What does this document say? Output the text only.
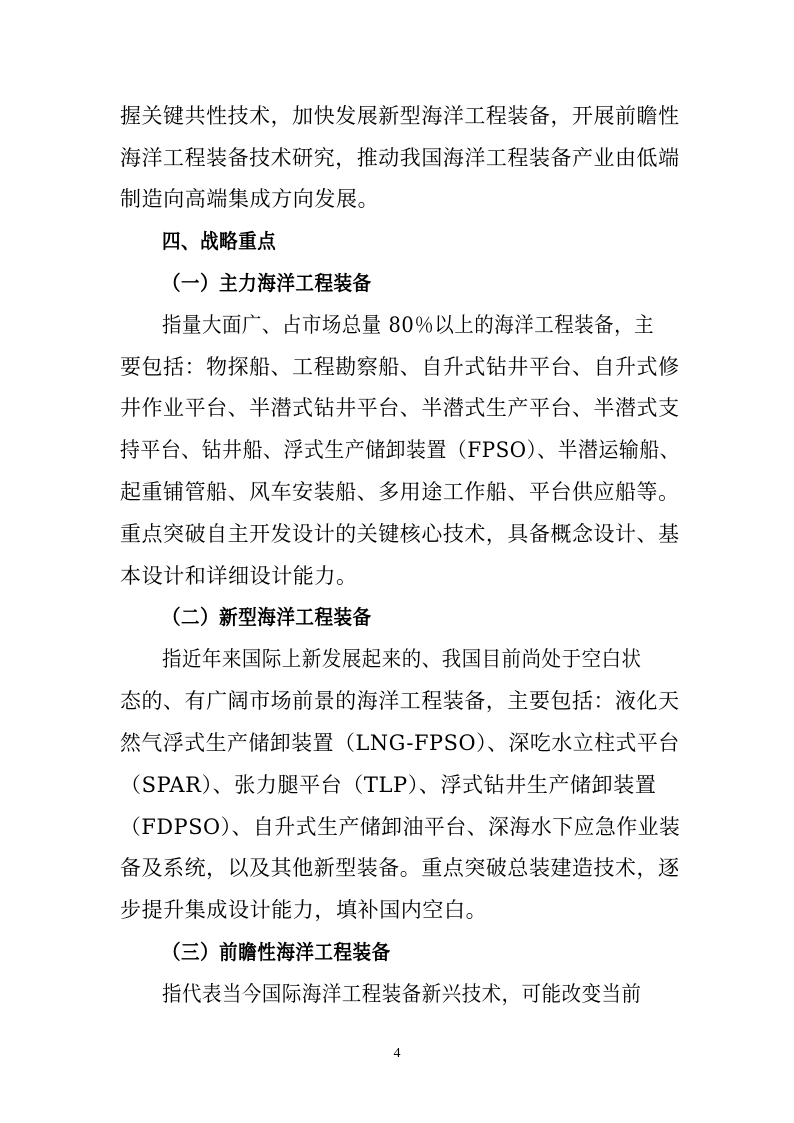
握关键共性技术，加快发展新型海洋工程装备，开展前瞻性
海洋工程装备技术研究，推动我国海洋工程装备产业由低端
制造向高端集成方向发展。
四、战略重点
（一）主力海洋工程装备
指量大面广、占市场总量 80％以上的海洋工程装备，主
要包括：物探船、工程勘察船、自升式钻井平台、自升式修
井作业平台、半潜式钻井平台、半潜式生产平台、半潜式支
持平台、钻井船、浮式生产储卸装置（FPSO）、半潜运输船、
起重铺管船、风车安装船、多用途工作船、平台供应船等。
重点突破自主开发设计的关键核心技术，具备概念设计、基
本设计和详细设计能力。
（二）新型海洋工程装备
指近年来国际上新发展起来的、我国目前尚处于空白状
态的、有广阔市场前景的海洋工程装备，主要包括：液化天
然气浮式生产储卸装置（LNG-FPSO）、深吃水立柱式平台
（SPAR）、张力腿平台（TLP）、浮式钻井生产储卸装置
（FDPSO）、自升式生产储卸油平台、深海水下应急作业装
备及系统，以及其他新型装备。重点突破总装建造技术，逐
步提升集成设计能力，填补国内空白。
（三）前瞻性海洋工程装备
指代表当今国际海洋工程装备新兴技术，可能改变当前
4
